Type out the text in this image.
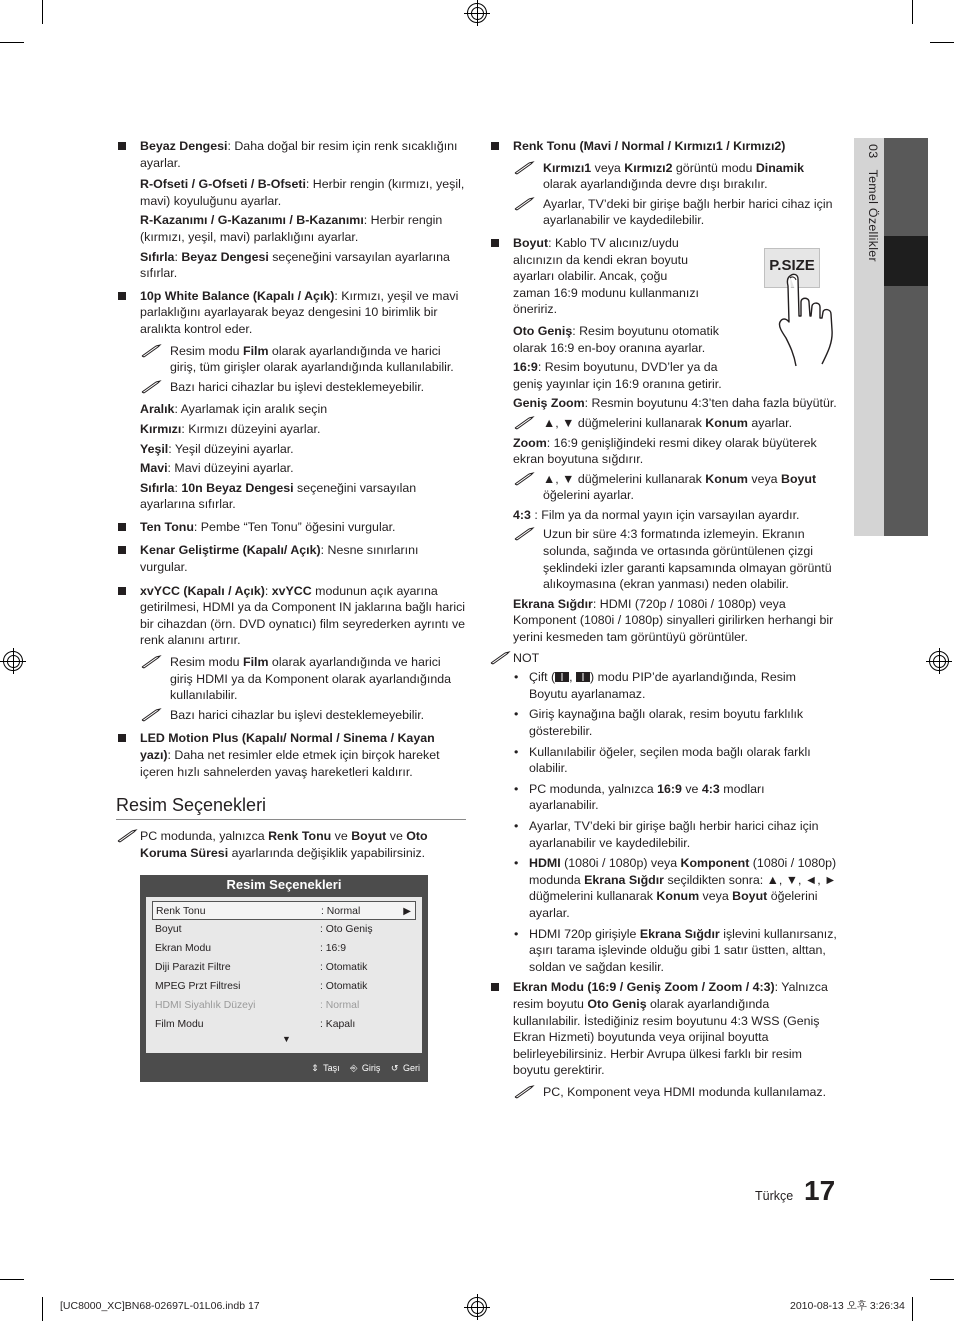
03   Temel Özellikler
Beyaz Dengesi: Daha doğal bir resim için renk sıcaklığını ayarlar.
R-Ofseti / G-Ofseti / B-Ofseti: Herbir rengin (kırmızı, yeşil, mavi) koyuluğunu ayarlar.
R-Kazanımı / G-Kazanımı / B-Kazanımı: Herbir rengin (kırmızı, yeşil, mavi) parlaklığını ayarlar.
Sıfırla: Beyaz Dengesi seçeneğini varsayılan ayarlarına sıfırlar.
10p White Balance (Kapalı / Açık): Kırmızı, yeşil ve mavi parlaklığını ayarlayarak beyaz dengesini 10 birimlik bir aralıkta kontrol eder.
Resim modu Film olarak ayarlandığında ve harici giriş, tüm girişler olarak ayarlandığında kullanılabilir.
Bazı harici cihazlar bu işlevi desteklemeyebilir.
Aralık: Ayarlamak için aralık seçin
Kırmızı: Kırmızı düzeyini ayarlar.
Yeşil: Yeşil düzeyini ayarlar.
Mavi: Mavi düzeyini ayarlar.
Sıfırla: 10n Beyaz Dengesi seçeneğini varsayılan ayarlarına sıfırlar.
Ten Tonu: Pembe “Ten Tonu” öğesini vurgular.
Kenar Geliştirme (Kapalı/ Açık): Nesne sınırlarını vurgular.
xvYCC (Kapalı / Açık): xvYCC modunun açık ayarına getirilmesi, HDMI ya da Component IN jaklarına bağlı harici bir cihazdan (örn. DVD oynatıcı) film seyrederken ayrıntı ve renk alanını artırır.
Resim modu Film olarak ayarlandığında ve harici giriş HDMI ya da Komponent olarak ayarlandığında kullanılabilir.
Bazı harici cihazlar bu işlevi desteklemeyebilir.
LED Motion Plus (Kapalı/ Normal / Sinema / Kayan yazı): Daha net resimler elde etmek için birçok hareket içeren hızlı sahnelerden yavaş hareketleri kaldırır.
Resim Seçenekleri
PC modunda, yalnızca Renk Tonu ve Boyut ve Oto Koruma Süresi ayarlarında değişiklik yapabilirsiniz.
Resim Seçenekleri
Renk Tonu	: Normal	▶
Boyut	: Oto Geniş
Ekran Modu	: 16:9
Diji Parazit Filtre	: Otomatik
MPEG Przt Filtresi	: Otomatik
HDMI Siyahlık Düzeyi	: Normal
Film Modu	: Kapalı
▼
⇕ Taşı ⎆ Giriş ↺ Geri
Renk Tonu (Mavi / Normal / Kırmızı1 / Kırmızı2)
Kırmızı1 veya Kırmızı2 görüntü modu Dinamik olarak ayarlandığında devre dışı bırakılır.
Ayarlar, TV’deki bir girişe bağlı herbir harici cihaz için ayarlanabilir ve kaydedilebilir.
Boyut: Kablo TV alıcınız/uydu alıcınızın da kendi ekran boyutu ayarları olabilir. Ancak, çoğu zaman 16:9 modunu kullanmanızı öneririz.
Oto Geniş: Resim boyutunu otomatik olarak 16:9 en-boy oranına ayarlar.
16:9: Resim boyutunu, DVD’ler ya da geniş yayınlar için 16:9 oranına getirir.
Geniş Zoom: Resmin boyutunu 4:3’ten daha fazla büyütür.
▲, ▼ düğmelerini kullanarak Konum ayarlar.
Zoom: 16:9 genişliğindeki resmi dikey olarak büyüterek ekran boyutuna sığdırır.
▲, ▼ düğmelerini kullanarak Konum veya Boyut öğelerini ayarlar.
4:3 : Film ya da normal yayın için varsayılan ayardır.
Uzun bir süre 4:3 formatında izlemeyin. Ekranın solunda, sağında ve ortasında görüntülenen çizgi şeklindeki izler garanti kapsamında olmayan görüntü alıkoymasına (ekran yanması) neden olabilir.
Ekrana Sığdır: HDMI (720p / 1080i / 1080p) veya Komponent (1080i / 1080p) sinyalleri girilirken herhangi bir yerini kesmeden tam görüntüyü görüntüler.
NOT
• Çift ( , ) modu PIP’de ayarlandığında, Resim Boyutu ayarlanamaz.
• Giriş kaynağına bağlı olarak, resim boyutu farklılık gösterebilir.
• Kullanılabilir öğeler, seçilen moda bağlı olarak farklı olabilir.
• PC modunda, yalnızca 16:9 ve 4:3 modları ayarlanabilir.
• Ayarlar, TV’deki bir girişe bağlı herbir harici cihaz için ayarlanabilir ve kaydedilebilir.
• HDMI (1080i / 1080p) veya Komponent (1080i / 1080p) modunda Ekrana Sığdır seçildikten sonra: ▲, ▼, ◄, ► düğmelerini kullanarak Konum veya Boyut öğelerini ayarlar.
• HDMI 720p girişiyle Ekrana Sığdır işlevini kullanırsanız, aşırı tarama işlevinde olduğu gibi 1 satır üstten, alttan, soldan ve sağdan kesilir.
Ekran Modu (16:9 / Geniş Zoom / Zoom / 4:3): Yalnızca resim boyutu Oto Geniş olarak ayarlandığında kullanılabilir. İstediğiniz resim boyutunu 4:3 WSS (Geniş Ekran Hizmeti) boyutunda veya orijinal boyutta belirleyebilirsiniz. Herbir Avrupa ülkesi farklı bir resim boyutu gerektirir.
PC, Komponent veya HDMI modunda kullanılamaz.
P.SIZE
Türkçe 17
[UC8000_XC]BN68-02697L-01L06.indb 17	2010-08-13 오후 3:26:34
